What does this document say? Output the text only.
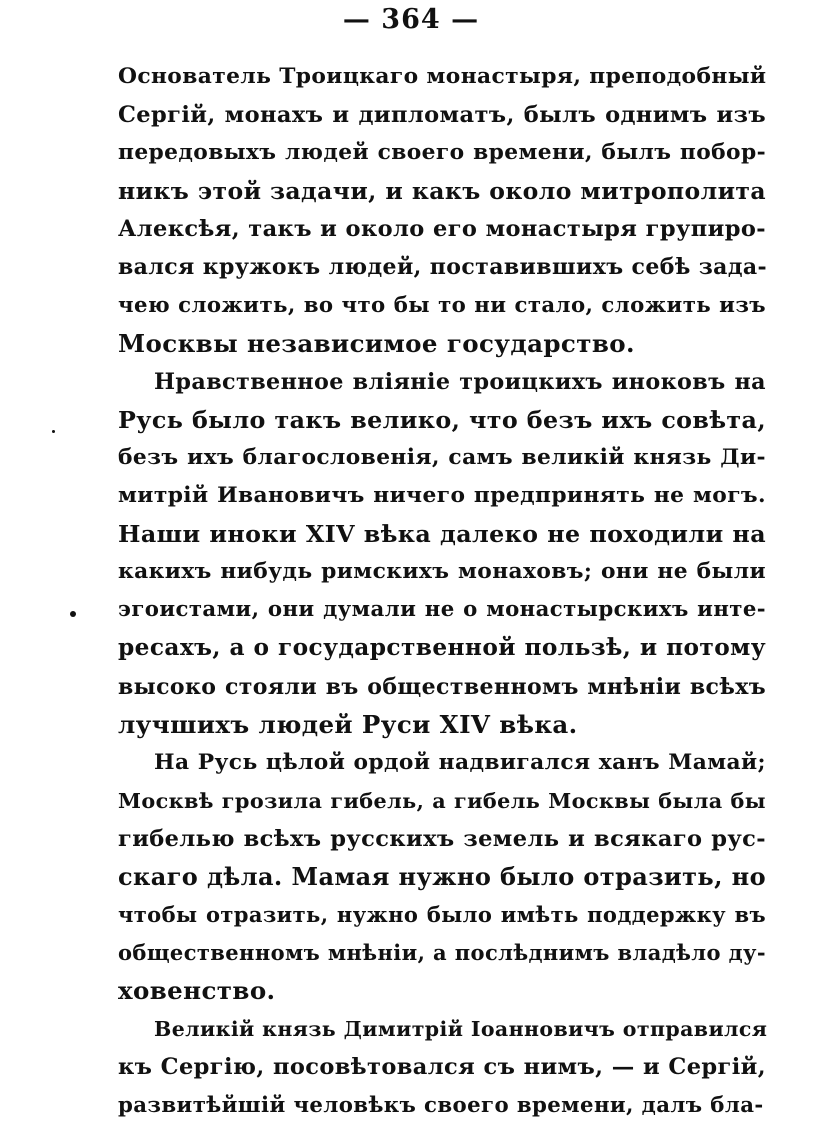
— 364 —
Основатель Троицкаго монастыря, преподобный
Сергій, монахъ и дипломатъ, былъ однимъ изъ
передовыхъ людей своего времени, былъ побор-
никъ этой задачи, и какъ около митрополита
Алексѣя, такъ и около его монастыря групиро-
вался кружокъ людей, поставившихъ себѣ зада-
чею сложить, во что бы то ни стало, сложить изъ
Москвы независимое государство.
Нравственное вліяніе троицкихъ иноковъ на
Русь было такъ велико, что безъ ихъ совѣта,
безъ ихъ благословенія, самъ великій князь Ди-
митрій Ивановичъ ничего предпринять не могъ.
Наши иноки XIV вѣка далеко не походили на
какихъ нибудь римскихъ монаховъ; они не были
эгоистами, они думали не о монастырскихъ инте-
ресахъ, а о государственной пользѣ, и потому
высоко стояли въ общественномъ мнѣніи всѣхъ
лучшихъ людей Руси XIV вѣка.
На Русь цѣлой ордой надвигался ханъ Мамай;
Москвѣ грозила гибель, а гибель Москвы была бы
гибелью всѣхъ русскихъ земель и всякаго рус-
скаго дѣла. Мамая нужно было отразить, но
чтобы отразить, нужно было имѣть поддержку въ
общественномъ мнѣніи, а послѣднимъ владѣло ду-
ховенство.
Великій князь Димитрій Іоанновичъ отправился
къ Сергію, посовѣтовался съ нимъ, — и Сергій,
развитѣйшій человѣкъ своего времени, далъ бла-
